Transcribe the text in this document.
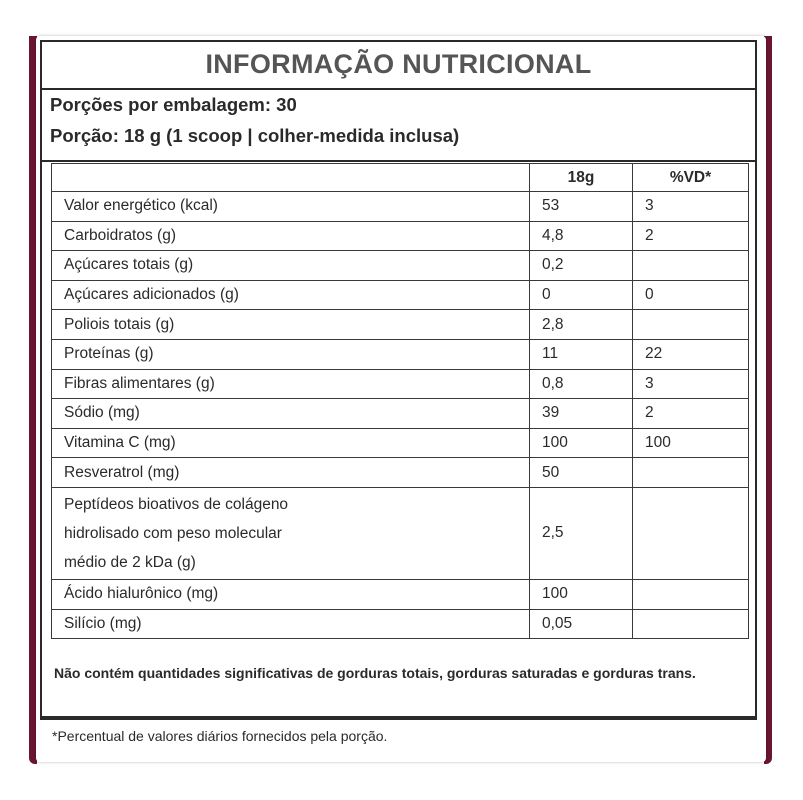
INFORMAÇÃO NUTRICIONAL
Porções por embalagem: 30
Porção: 18 g (1 scoop | colher-medida inclusa)
	18g	%VD*
Valor energético (kcal)	53	3
Carboidratos (g)	4,8	2
Açúcares totais (g)	0,2	
Açúcares adicionados (g)	0	0
Poliois totais (g)	2,8	
Proteínas (g)	11	22
Fibras alimentares (g)	0,8	3
Sódio (mg)	39	2
Vitamina C (mg)	100	100
Resveratrol (mg)	50	

Peptídeos bioativos de colágeno
hidrolisado com peso molecular
médio de 2 kDa (g)	2,5	
Ácido hialurônico (mg)	100	
Silício (mg)	0,05	
Não contém quantidades significativas de gorduras totais, gorduras saturadas e gorduras trans.
*Percentual de valores diários fornecidos pela porção.
